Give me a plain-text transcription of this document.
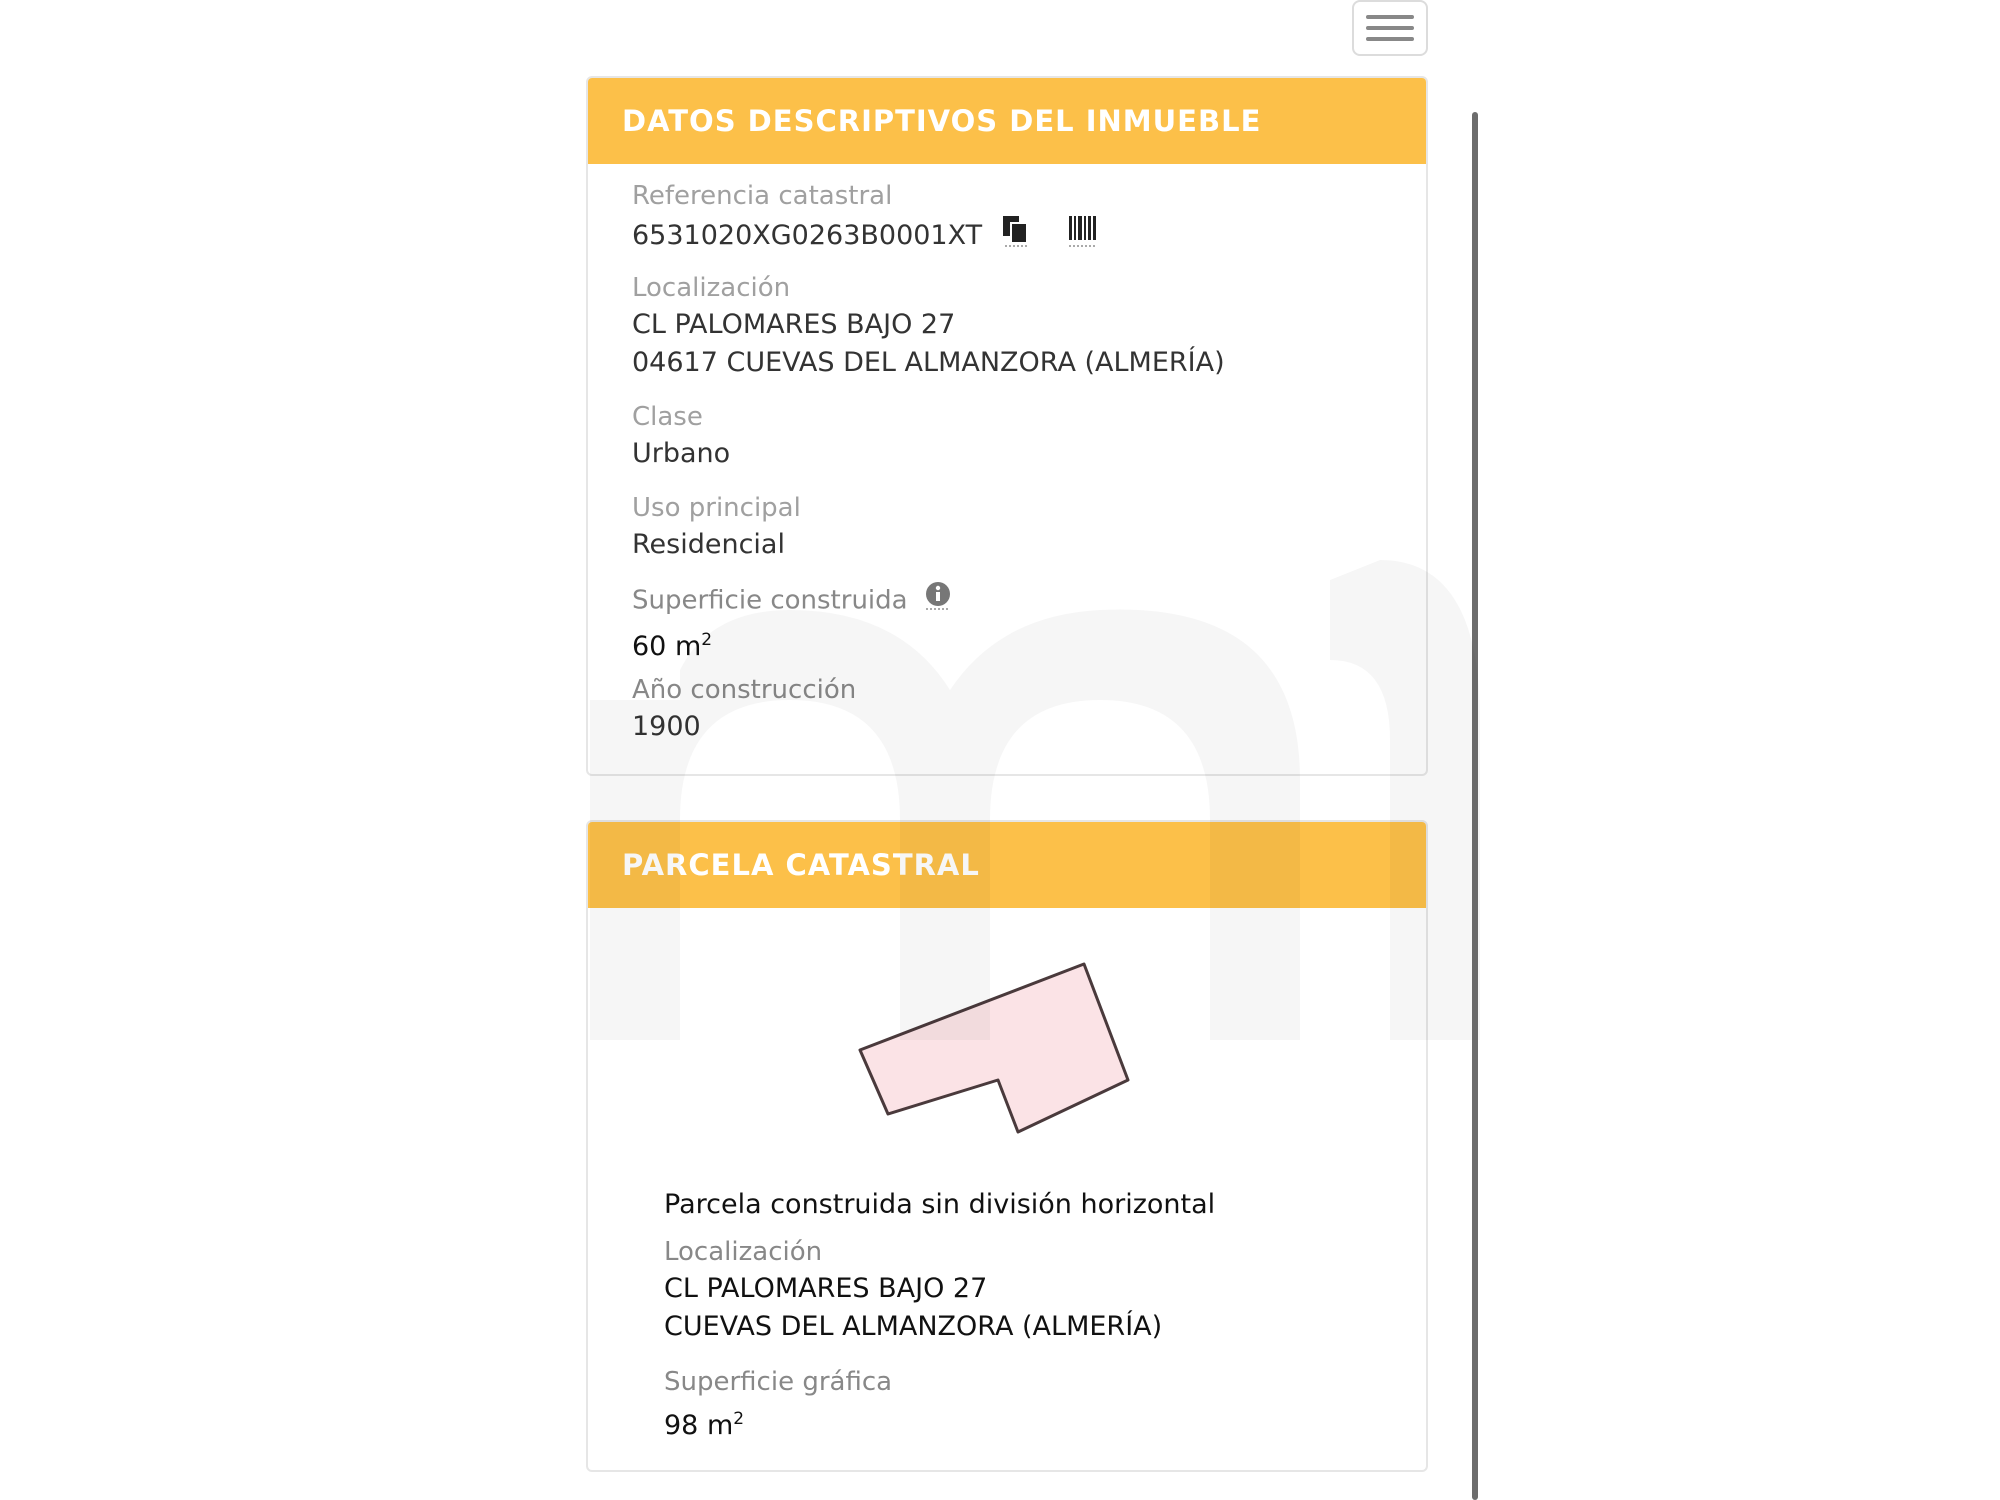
DATOS DESCRIPTIVOS DEL INMUEBLE
Referencia catastral
6531020XG0263B0001XT
Localización
CL PALOMARES BAJO 27
04617 CUEVAS DEL ALMANZORA (ALMERÍA)
Clase
Urbano
Uso principal
Residencial
Superficie construida
60 $m^2$
Año construcción
1900
PARCELA CATASTRAL
Parcela construida sin división horizontal
Localización
CL PALOMARES BAJO 27
CUEVAS DEL ALMANZORA (ALMERÍA)
Superficie gráfica
98 $m^2$
